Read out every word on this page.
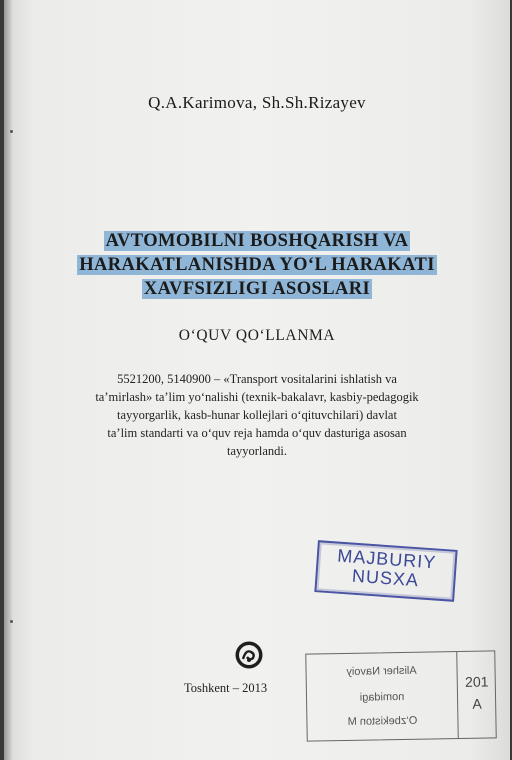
Q.A.Karimova, Sh.Sh.Rizayev
AVTOMOBILNI BOSHQARISH VA
HARAKATLANISHDA YO‘L HARAKATI
XAVFSIZLIGI ASOSLARI
O‘QUV QO‘LLANMA
5521200, 5140900 – «Transport vositalarini ishlatish va
ta’mirlash» ta’lim yo‘nalishi (texnik-bakalavr, kasbiy-pedagogik
tayyorgarlik, kasb-hunar kollejlari o‘qituvchilari) davlat
ta’lim standarti va o‘quv reja hamda o‘quv dasturiga asosan
tayyorlandi.
MAJBURIY
NUSXA
Toshkent – 2013
Alisher Navoiy
nomidagi
O‘zbekiston M
201
A
